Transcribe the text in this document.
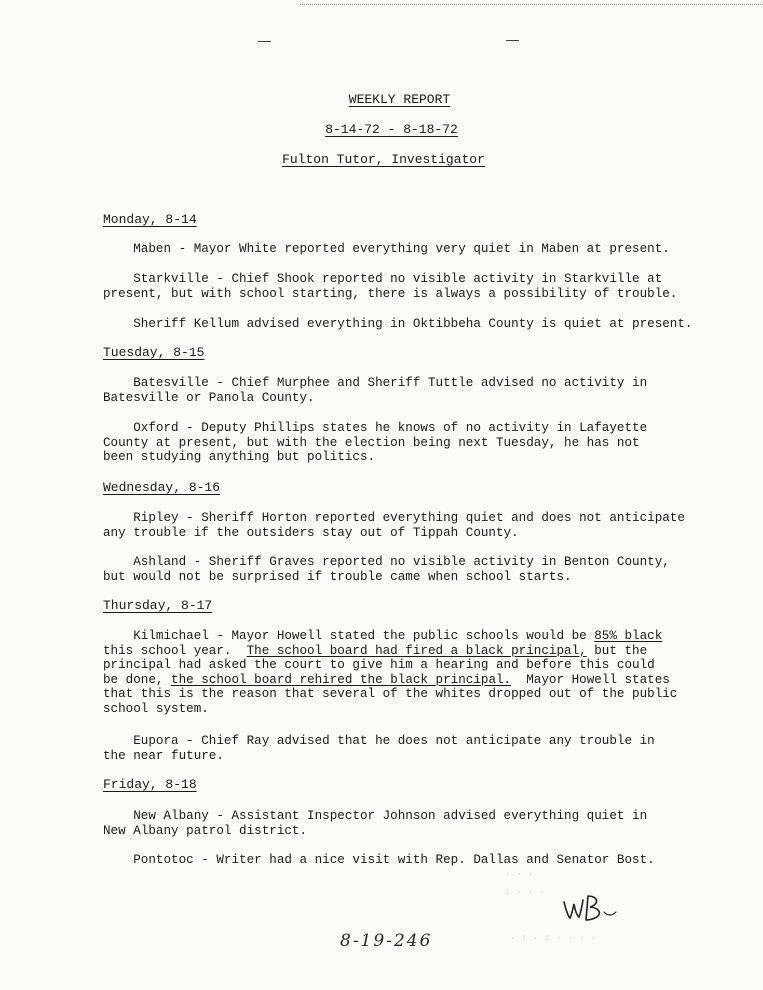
WEEKLY REPORT
8-14-72 - 8-18-72
Fulton Tutor, Investigator
Monday, 8-14
Maben - Mayor White reported everything very quiet in Maben at present.
Starkville - Chief Shook reported no visible activity in Starkville at
present, but with school starting, there is always a possibility of trouble.
Sheriff Kellum advised everything in Oktibbeha County is quiet at present.
Tuesday, 8-15
Batesville - Chief Murphee and Sheriff Tuttle advised no activity in
Batesville or Panola County.
Oxford - Deputy Phillips states he knows of no activity in Lafayette
County at present, but with the election being next Tuesday, he has not
been studying anything but politics.
Wednesday, 8-16
Ripley - Sheriff Horton reported everything quiet and does not anticipate
any trouble if the outsiders stay out of Tippah County.
Ashland - Sheriff Graves reported no visible activity in Benton County,
but would not be surprised if trouble came when school starts.
Thursday, 8-17
Kilmichael - Mayor Howell stated the public schools would be 85% black
this school year.  The school board had fired a black principal, but the
principal had asked the court to give him a hearing and before this could
be done, the school board rehired the black principal.  Mayor Howell states
that this is the reason that several of the whites dropped out of the public
school system.
Eupora - Chief Ray advised that he does not anticipate any trouble in
the near future.
Friday, 8-18
New Albany - Assistant Inspector Johnson advised everything quiet in
New Albany patrol district.
Pontotoc - Writer had a nice visit with Rep. Dallas and Senator Bost.
· · ·
: · · ·
· : · : · · · ·
8-19-246
